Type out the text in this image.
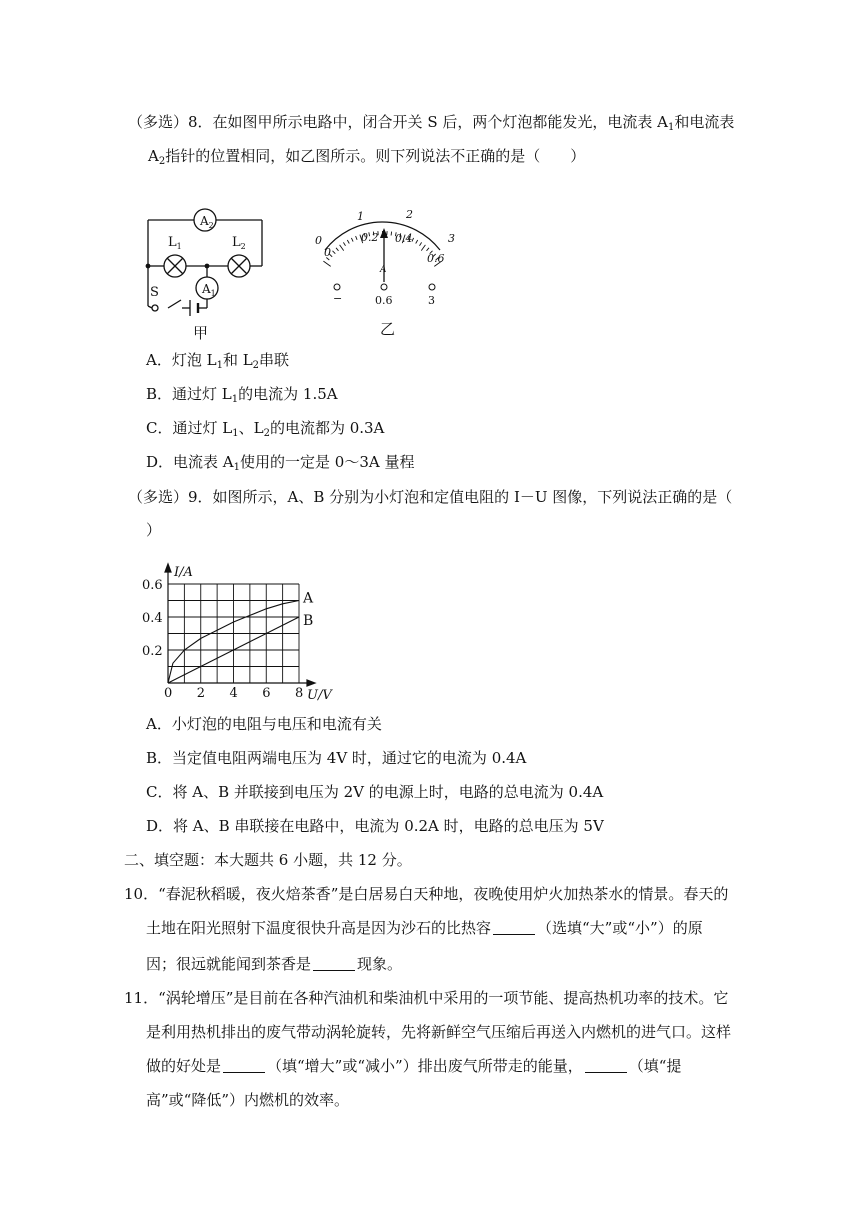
（多选）8．在如图甲所示电路中，闭合开关 S 后，两个灯泡都能发光，电流表 $A_1$和电流表
$A_2$指针的位置相同，如乙图所示。则下列说法不正确的是（　　）
$A_2$
$A_1$
$L_1$	$L_2$
S
甲
0
1	2
3
0
0.2 0.4
0.6
A
−	0.6	3
乙
A．灯泡 $L_1$和 $L_2$串联
B．通过灯 $L_1$的电流为 1.5A
C．通过灯 $L_1$、$L_2$的电流都为 0.3A
D．电流表 $A_1$使用的一定是 0～3A 量程
（多选）9．如图所示，A、B 分别为小灯泡和定值电阻的 I－U 图像，下列说法正确的是（
）
A
B
0 2 4 6 8
0.2
0.4
0.6
U/V
I/A
A．小灯泡的电阻与电压和电流有关
B．当定值电阻两端电压为 4V 时，通过它的电流为 0.4A
C．将 A、B 并联接到电压为 2V 的电源上时，电路的总电流为 0.4A
D．将 A、B 串联接在电路中，电流为 0.2A 时，电路的总电压为 5V
二、填空题：本大题共 6 小题，共 12 分。
10．“春泥秋稻暖，夜火焙茶香”是白居易白天种地，夜晚使用炉火加热茶水的情景。春天的
土地在阳光照射下温度很快升高是因为沙石的比热容	（选填“大”或“小”）的原
因；很远就能闻到茶香是	现象。
11．“涡轮增压”是目前在各种汽油机和柴油机中采用的一项节能、提高热机功率的技术。它
是利用热机排出的废气带动涡轮旋转，先将新鲜空气压缩后再送入内燃机的进气口。这样
做的好处是	（填“增大”或“减小”）排出废气所带走的能量，	（填“提
高”或“降低”）内燃机的效率。
